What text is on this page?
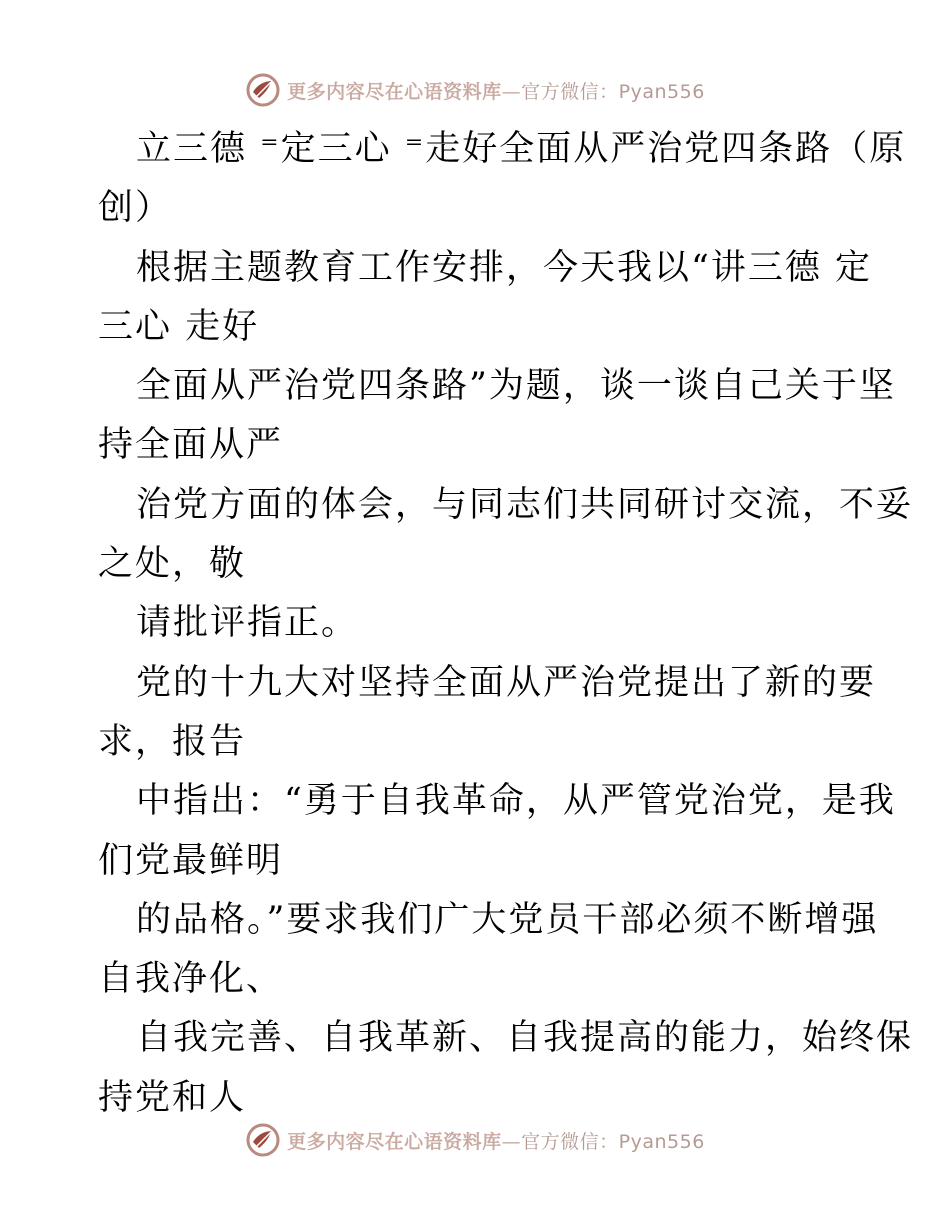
更多内容尽在心语资料库—官方微信：Pyan556
立三德 ⁼定三心 ⁼走好全面从严治党四条路（原
创）
根据主题教育工作安排，今天我以“讲三德 定
三心 走好
全面从严治党四条路”为题，谈一谈自己关于坚
持全面从严
治党方面的体会，与同志们共同研讨交流，不妥
之处，敬
请批评指正。
党的十九大对坚持全面从严治党提出了新的要
求，报告
中指出：“勇于自我革命，从严管党治党，是我
们党最鲜明
的品格。”要求我们广大党员干部必须不断增强
自我净化、
自我完善、自我革新、自我提高的能力，始终保
持党和人
更多内容尽在心语资料库—官方微信：Pyan556
